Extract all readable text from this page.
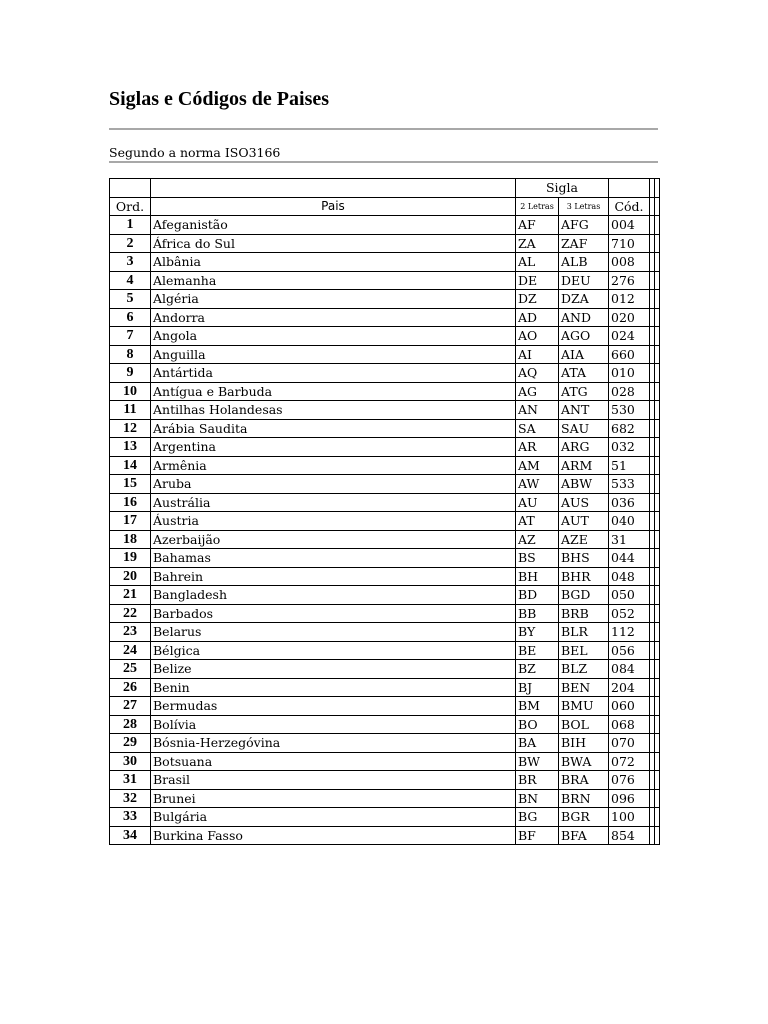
Siglas e Códigos de Paises
Segundo a norma ISO3166
		Sigla				
Ord.	Pais	2 Letras	3 Letras	Cód.		
1	Afeganistão	AF	AFG	004		
2	África do Sul	ZA	ZAF	710		
3	Albânia	AL	ALB	008		
4	Alemanha	DE	DEU	276		
5	Algéria	DZ	DZA	012		
6	Andorra	AD	AND	020		
7	Angola	AO	AGO	024		
8	Anguilla	AI	AIA	660		
9	Antártida	AQ	ATA	010		
10	Antígua e Barbuda	AG	ATG	028		
11	Antilhas Holandesas	AN	ANT	530		
12	Arábia Saudita	SA	SAU	682		
13	Argentina	AR	ARG	032		
14	Armênia	AM	ARM	51		
15	Aruba	AW	ABW	533		
16	Austrália	AU	AUS	036		
17	Áustria	AT	AUT	040		
18	Azerbaijão	AZ	AZE	31		
19	Bahamas	BS	BHS	044		
20	Bahrein	BH	BHR	048		
21	Bangladesh	BD	BGD	050		
22	Barbados	BB	BRB	052		
23	Belarus	BY	BLR	112		
24	Bélgica	BE	BEL	056		
25	Belize	BZ	BLZ	084		
26	Benin	BJ	BEN	204		
27	Bermudas	BM	BMU	060		
28	Bolívia	BO	BOL	068		
29	Bósnia-Herzegóvina	BA	BIH	070		
30	Botsuana	BW	BWA	072		
31	Brasil	BR	BRA	076		
32	Brunei	BN	BRN	096		
33	Bulgária	BG	BGR	100		
34	Burkina Fasso	BF	BFA	854		
